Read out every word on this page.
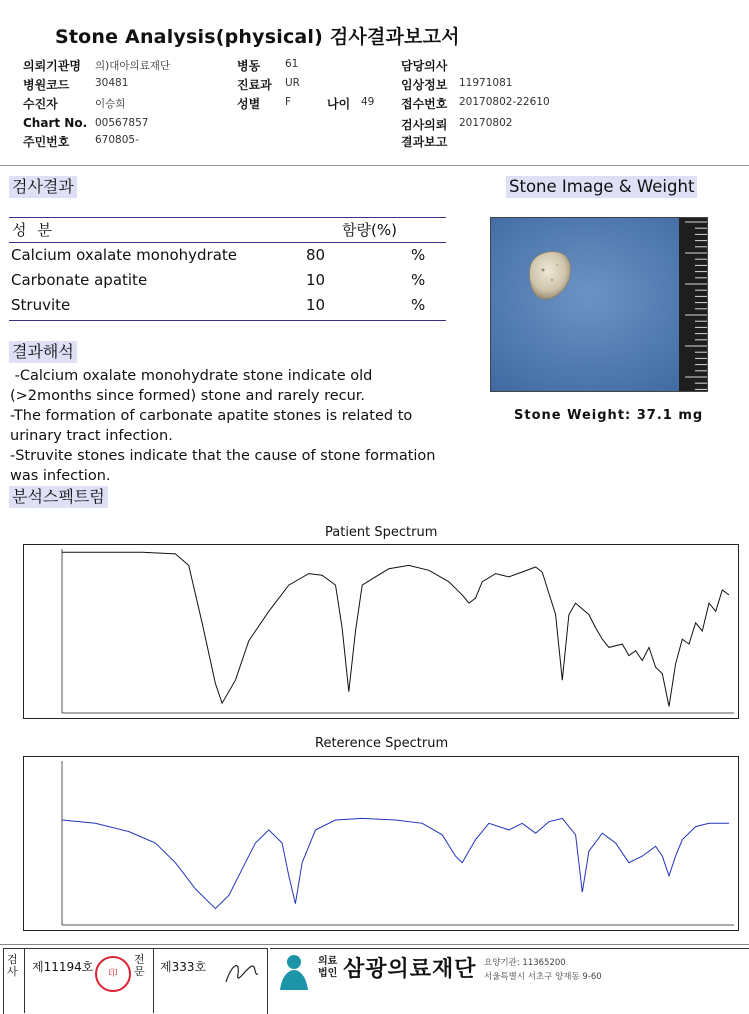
Stone Analysis(physical) 검사결과보고서
의뢰기관명 의)대아의료재단
병원코드 30481
수진자	이승희
Chart No. 00567857
주민번호 670805-
병동 61
진료과 UR
성별 F	나이 49
담당의사
임상정보 11971081
접수번호 20170802-22610
검사의뢰 20170802
결과보고
검사결과
성 분	함량(%)
Calcium oxalate monohydrate	80	%
Carbonate apatite	10	%
Struvite	10	%
Stone Image & Weight
Stone Weight: 37.1 mg
결과해석
-Calcium oxalate monohydrate stone indicate old
(>2months since formed) stone and rarely recur.
-The formation of carbonate apatite stones is related to
urinary tract infection.
-Struvite stones indicate that the cause of stone formation
was infection.
분석스펙트럼
Patient Spectrum
Reterence Spectrum
검사 제11194호	印
전문 제333호	의료법인 삼광의료재단 요양기관: 11365200
서울특별시 서초구 양재동 9-60
